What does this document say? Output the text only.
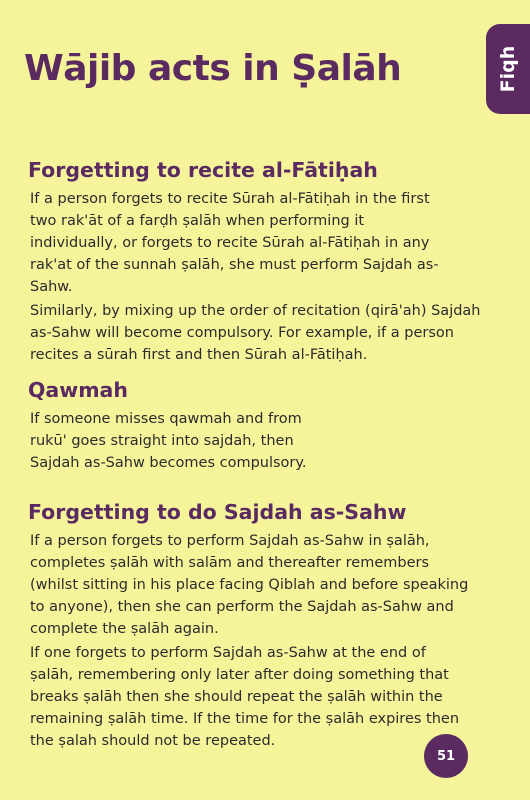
Fiqh
Wājib acts in Ṣalāh
Forgetting to recite al-Fātiḥah

If a person forgets to recite Sūrah al-Fātiḥah in the first two rak'āt of a farḍh ṣalāh when performing it individually, or forgets to recite Sūrah al-Fātiḥah in any rak'at of the sunnah ṣalāh, she must perform Sajdah as-Sahw.

Similarly, by mixing up the order of recitation (qirā'ah) Sajdah as-Sahw will become compulsory. For example, if a person recites a sūrah first and then Sūrah al-Fātiḥah.

Qawmah

If someone misses qawmah and from rukū' goes straight into sajdah, then Sajdah as-Sahw becomes compulsory.

Forgetting to do Sajdah as-Sahw

If a person forgets to perform Sajdah as-Sahw in ṣalāh, completes ṣalāh with salām and thereafter remembers (whilst sitting in his place facing Qiblah and before speaking to anyone), then she can perform the Sajdah as-Sahw and complete the ṣalāh again.

If one forgets to perform Sajdah as-Sahw at the end of ṣalāh, remembering only later after doing something that breaks ṣalāh then she should repeat the ṣalāh within the remaining ṣalāh time. If the time for the ṣalāh expires then the ṣalah should not be repeated.

51
